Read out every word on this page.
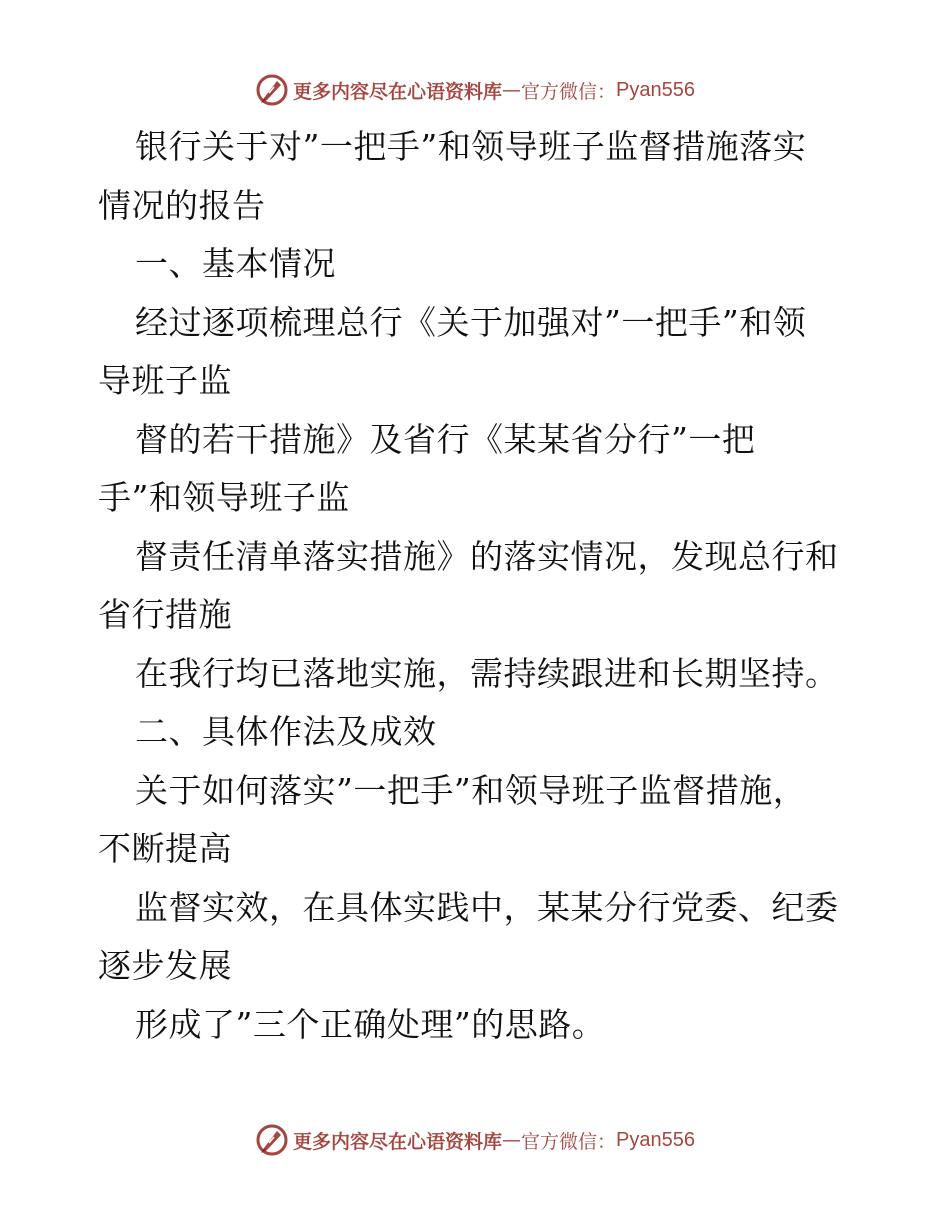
更多内容尽在心语资料库 — 官方微信： Pyan556
银行关于对”一把手”和领导班子监督措施落实
情况的报告
一、基本情况
经过逐项梳理总行《关于加强对”一把手”和领
导班子监
督的若干措施》及省行《某某省分行”一把
手”和领导班子监
督责任清单落实措施》的落实情况，发现总行和
省行措施
在我行均已落地实施，需持续跟进和长期坚持。
二、具体作法及成效
关于如何落实”一把手”和领导班子监督措施，
不断提高
监督实效，在具体实践中，某某分行党委、纪委
逐步发展
形成了”三个正确处理”的思路。
更多内容尽在心语资料库 — 官方微信： Pyan556
